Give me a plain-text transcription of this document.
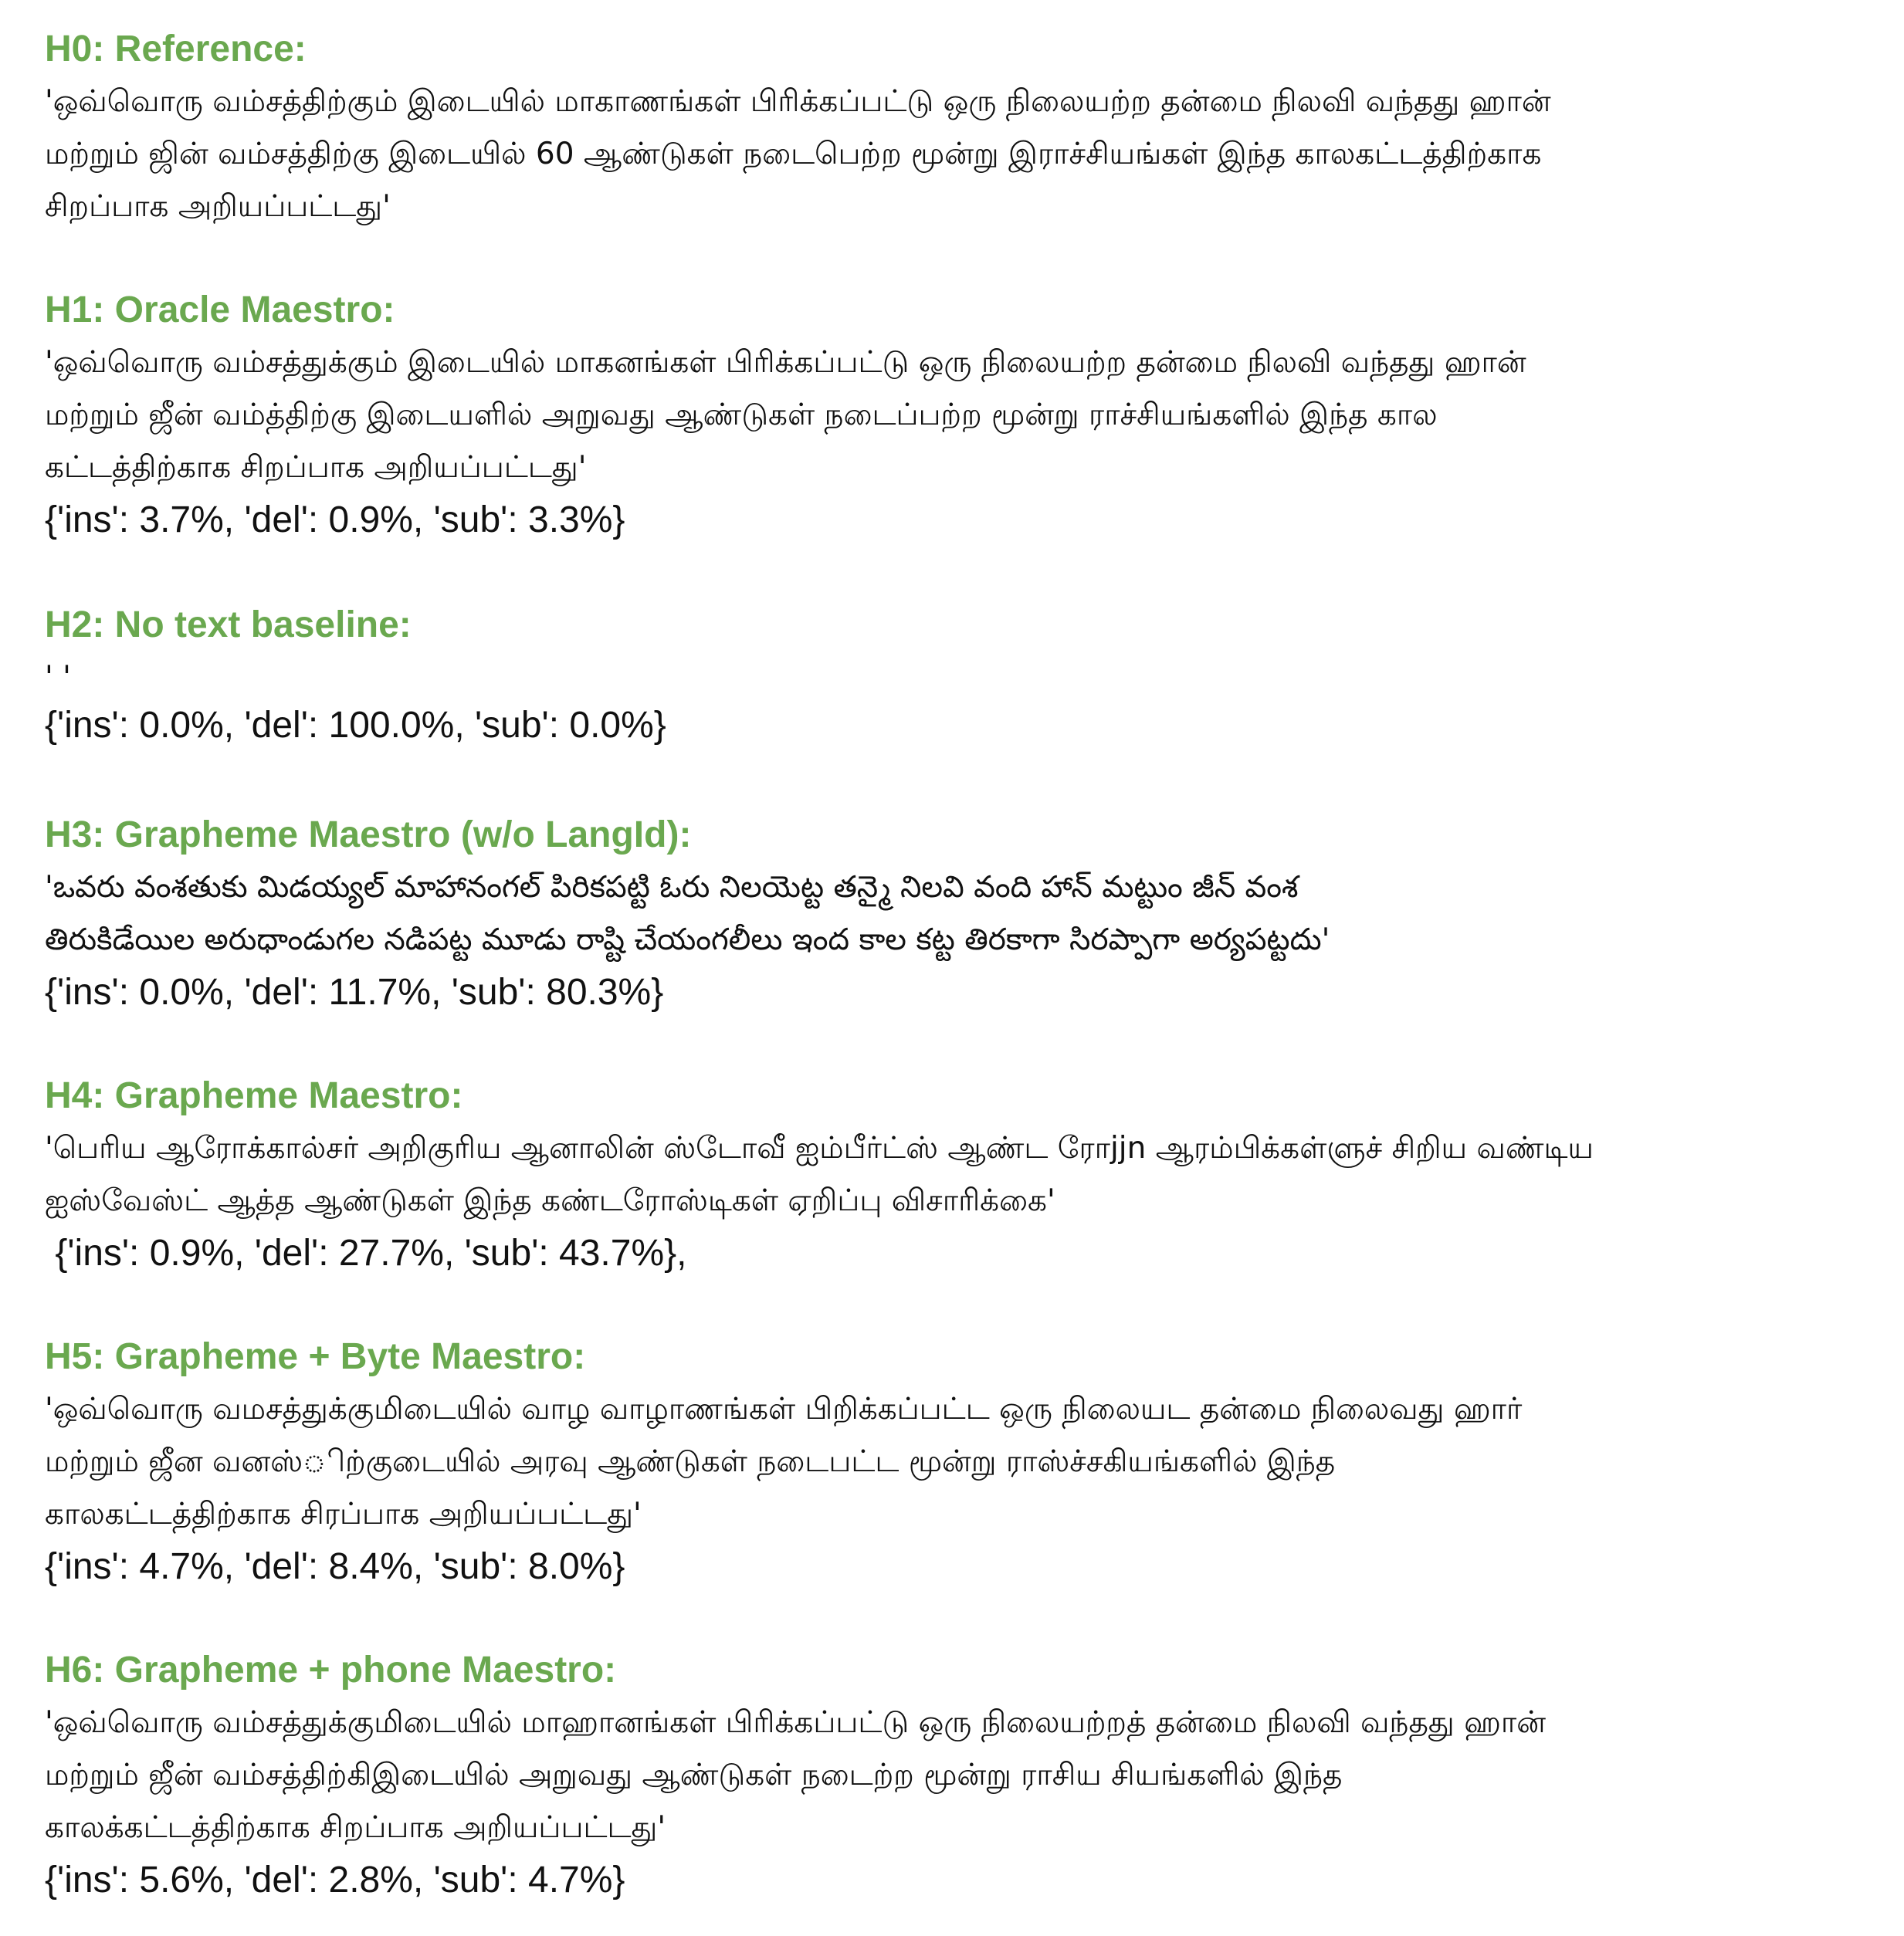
H0: Reference:

'ஒவ்வொரு வம்சத்திற்கும் இடையில் மாகாணங்கள் பிரிக்கப்பட்டு ஒரு நிலையற்ற தன்மை நிலவி வந்தது ஹான்

மற்றும் ஜின் வம்சத்திற்கு இடையில் 60 ஆண்டுகள் நடைபெற்ற மூன்று இராச்சியங்கள் இந்த காலகட்டத்திற்காக

சிறப்பாக அறியப்பட்டது'

H1: Oracle Maestro:

'ஒவ்வொரு வம்சத்துக்கும் இடையில் மாகனங்கள் பிரிக்கப்பட்டு ஒரு நிலையற்ற தன்மை நிலவி வந்தது ஹான்

மற்றும் ஜீன் வம்த்திற்கு இடையளில் அறுவது ஆண்டுகள் நடைப்பற்ற மூன்று ராச்சியங்களில் இந்த கால

கட்டத்திற்காக சிறப்பாக அறியப்பட்டது'

{'ins': 3.7%, 'del': 0.9%, 'sub': 3.3%}

H2: No text baseline:

' '

{'ins': 0.0%, 'del': 100.0%, 'sub': 0.0%}

H3: Grapheme Maestro (w/o LangId):

'ఒవరు వంశతుకు మిడయ్యల్ మాహానంగల్ పిరికపట్టి ఓరు నిలయెట్ట తన్మై నిలవి వంది హాన్ మట్టుం జీన్ వంశ

తిరుకిడేయిల అరుధాండుగల నడిపట్ట మూడు రాష్టి చేయంగలీలు ఇంద కాల కట్ట తిరకాగా సిరప్పాగా అర్యపట్టదు'

{'ins': 0.0%, 'del': 11.7%, 'sub': 80.3%}

H4: Grapheme Maestro:

'பெரிய ஆரோக்கால்சர் அறிகுரிய ஆனாலின் ஸ்டோவீ ஐம்பீர்ட்ஸ் ஆண்ட ரோjjn ஆரம்பிக்கள்ளுச் சிறிய வண்டிய

ஐஸ்வேஸ்ட் ஆத்த ஆண்டுகள் இந்த கண்டரோஸ்டிகள் ஏறிப்பு விசாரிக்கை'

{'ins': 0.9%, 'del': 27.7%, 'sub': 43.7%},

H5: Grapheme + Byte Maestro:

'ஒவ்வொரு வமசத்துக்குமிடையில் வாழ வாழாணங்கள் பிறிக்கப்பட்ட ஒரு நிலையட தன்மை நிலைவது ஹார்

மற்றும் ஜீன வனஸ்ிற்குடையில் அரவு ஆண்டுகள் நடைபட்ட மூன்று ராஸ்ச்சகியங்களில் இந்த

காலகட்டத்திற்காக சிரப்பாக அறியப்பட்டது'

{'ins': 4.7%, 'del': 8.4%, 'sub': 8.0%}

H6: Grapheme + phone Maestro:

'ஒவ்வொரு வம்சத்துக்குமிடையில் மாஹானங்கள் பிரிக்கப்பட்டு ஒரு நிலையற்றத் தன்மை நிலவி வந்தது ஹான்

மற்றும் ஜீன் வம்சத்திற்கிஇடையில் அறுவது ஆண்டுகள் நடைற்ற மூன்று ராசிய சியங்களில் இந்த

காலக்கட்டத்திற்காக சிறப்பாக அறியப்பட்டது'

{'ins': 5.6%, 'del': 2.8%, 'sub': 4.7%}
